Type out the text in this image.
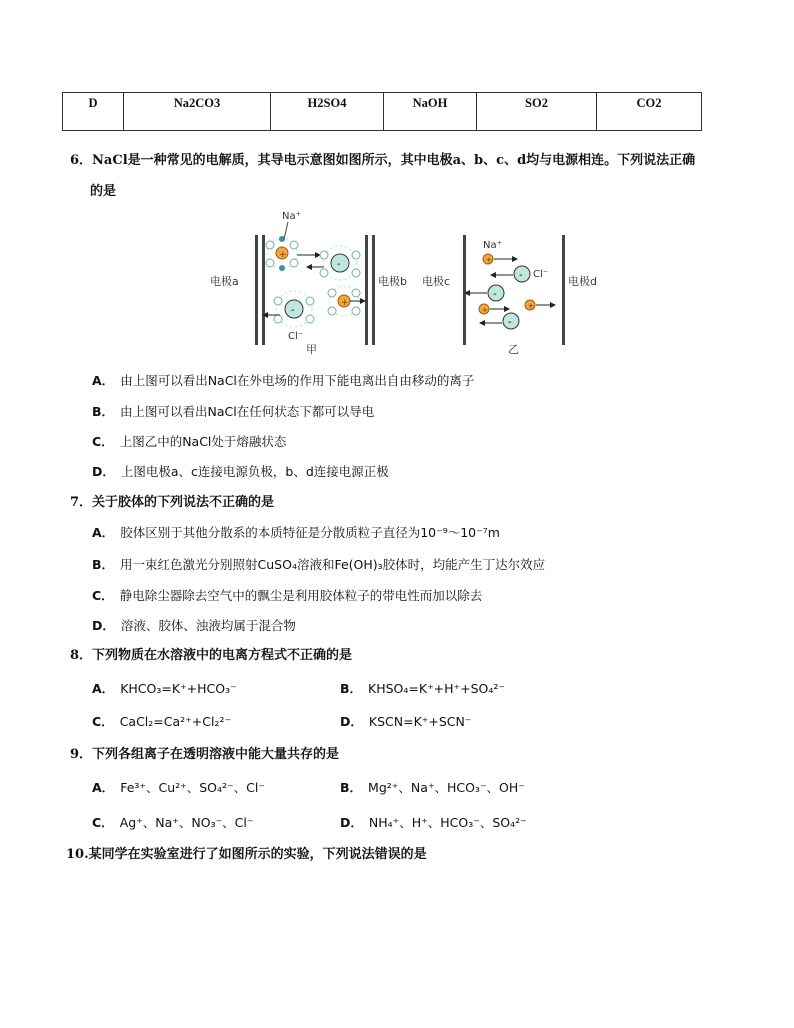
D	Na2CO3	H2SO4	NaOH	SO2	CO2
6．NaCl是一种常见的电解质，其导电示意图如图所示，其中电极a、b、c、d均与电源相连。下列说法正确
的是
电极a	电极b
+
Na⁺
-
-
Cl⁻
+
甲
电极c	电极d
Na⁺
+
- Cl⁻
-
+	+
-
乙
A． 由上图可以看出NaCl在外电场的作用下能电离出自由移动的离子
B． 由上图可以看出NaCl在任何状态下都可以导电
C． 上图乙中的NaCl处于熔融状态
D． 上图电极a、c连接电源负极，b、d连接电源正极
7．关于胶体的下列说法不正确的是
A． 胶体区别于其他分散系的本质特征是分散质粒子直径为10⁻⁹～10⁻⁷m
B． 用一束红色激光分别照射CuSO₄溶液和Fe(OH)₃胶体时，均能产生丁达尔效应
C． 静电除尘器除去空气中的飘尘是利用胶体粒子的带电性而加以除去
D． 溶液、胶体、浊液均属于混合物
8．下列物质在水溶液中的电离方程式不正确的是
A． KHCO₃=K⁺+HCO₃⁻	B． KHSO₄=K⁺+H⁺+SO₄²⁻
C． CaCl₂=Ca²⁺+Cl₂²⁻	D． KSCN=K⁺+SCN⁻
9．下列各组离子在透明溶液中能大量共存的是
A． Fe³⁺、Cu²⁺、SO₄²⁻、Cl⁻	B． Mg²⁺、Na⁺、HCO₃⁻、OH⁻
C． Ag⁺、Na⁺、NO₃⁻、Cl⁻	D． NH₄⁺、H⁺、HCO₃⁻、SO₄²⁻
10.某同学在实验室进行了如图所示的实验，下列说法错误的是
